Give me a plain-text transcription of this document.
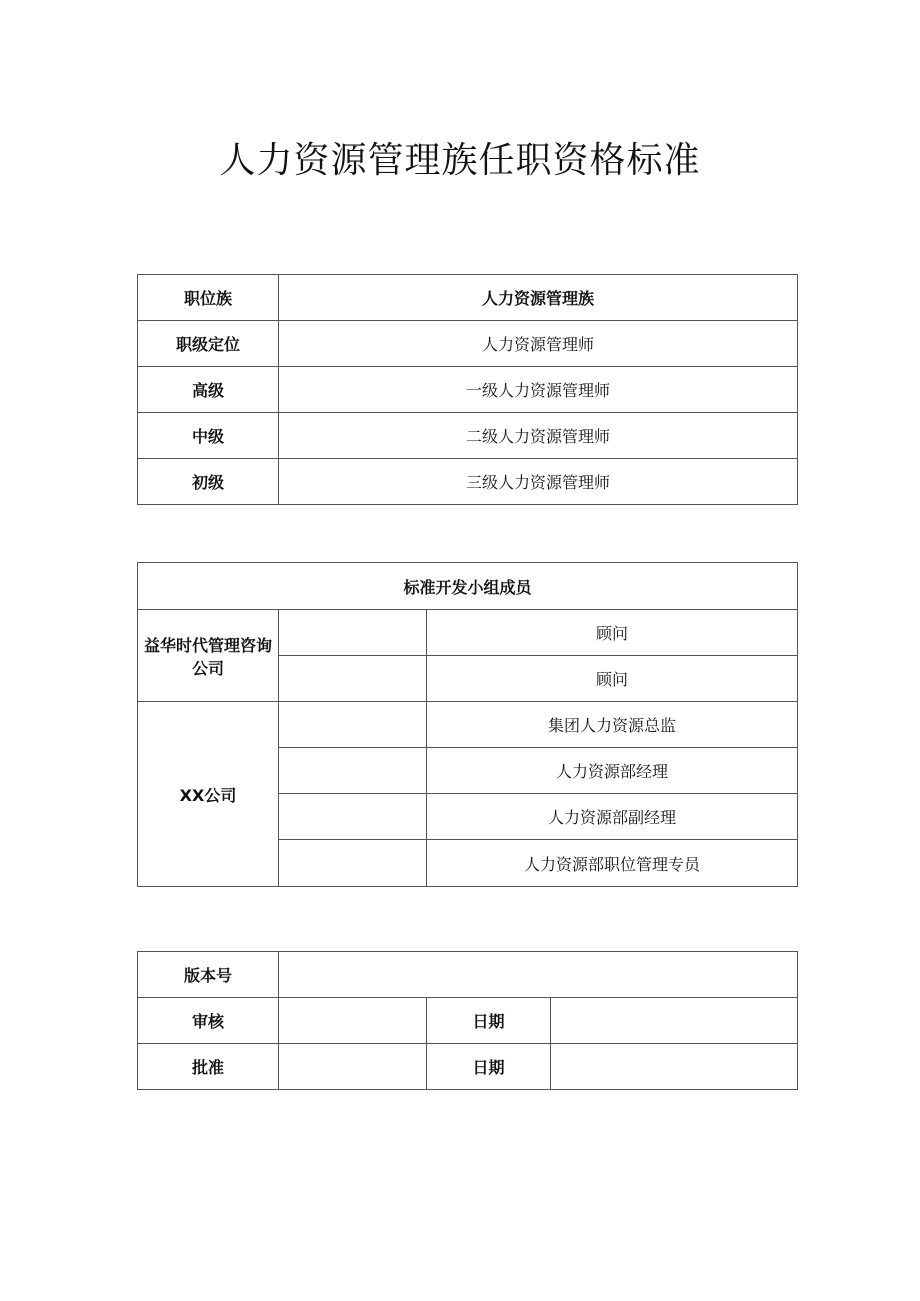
人力资源管理族任职资格标准
职位族	人力资源管理族
职级定位	人力资源管理师
高级	一级人力资源管理师
中级	二级人力资源管理师
初级	三级人力资源管理师
标准开发小组成员		
益华时代管理咨询公司		顾问
		顾问
XX公司		集团人力资源总监
		人力资源部经理
		人力资源部副经理
		人力资源部职位管理专员
版本号			
审核		日期	
批准		日期	
